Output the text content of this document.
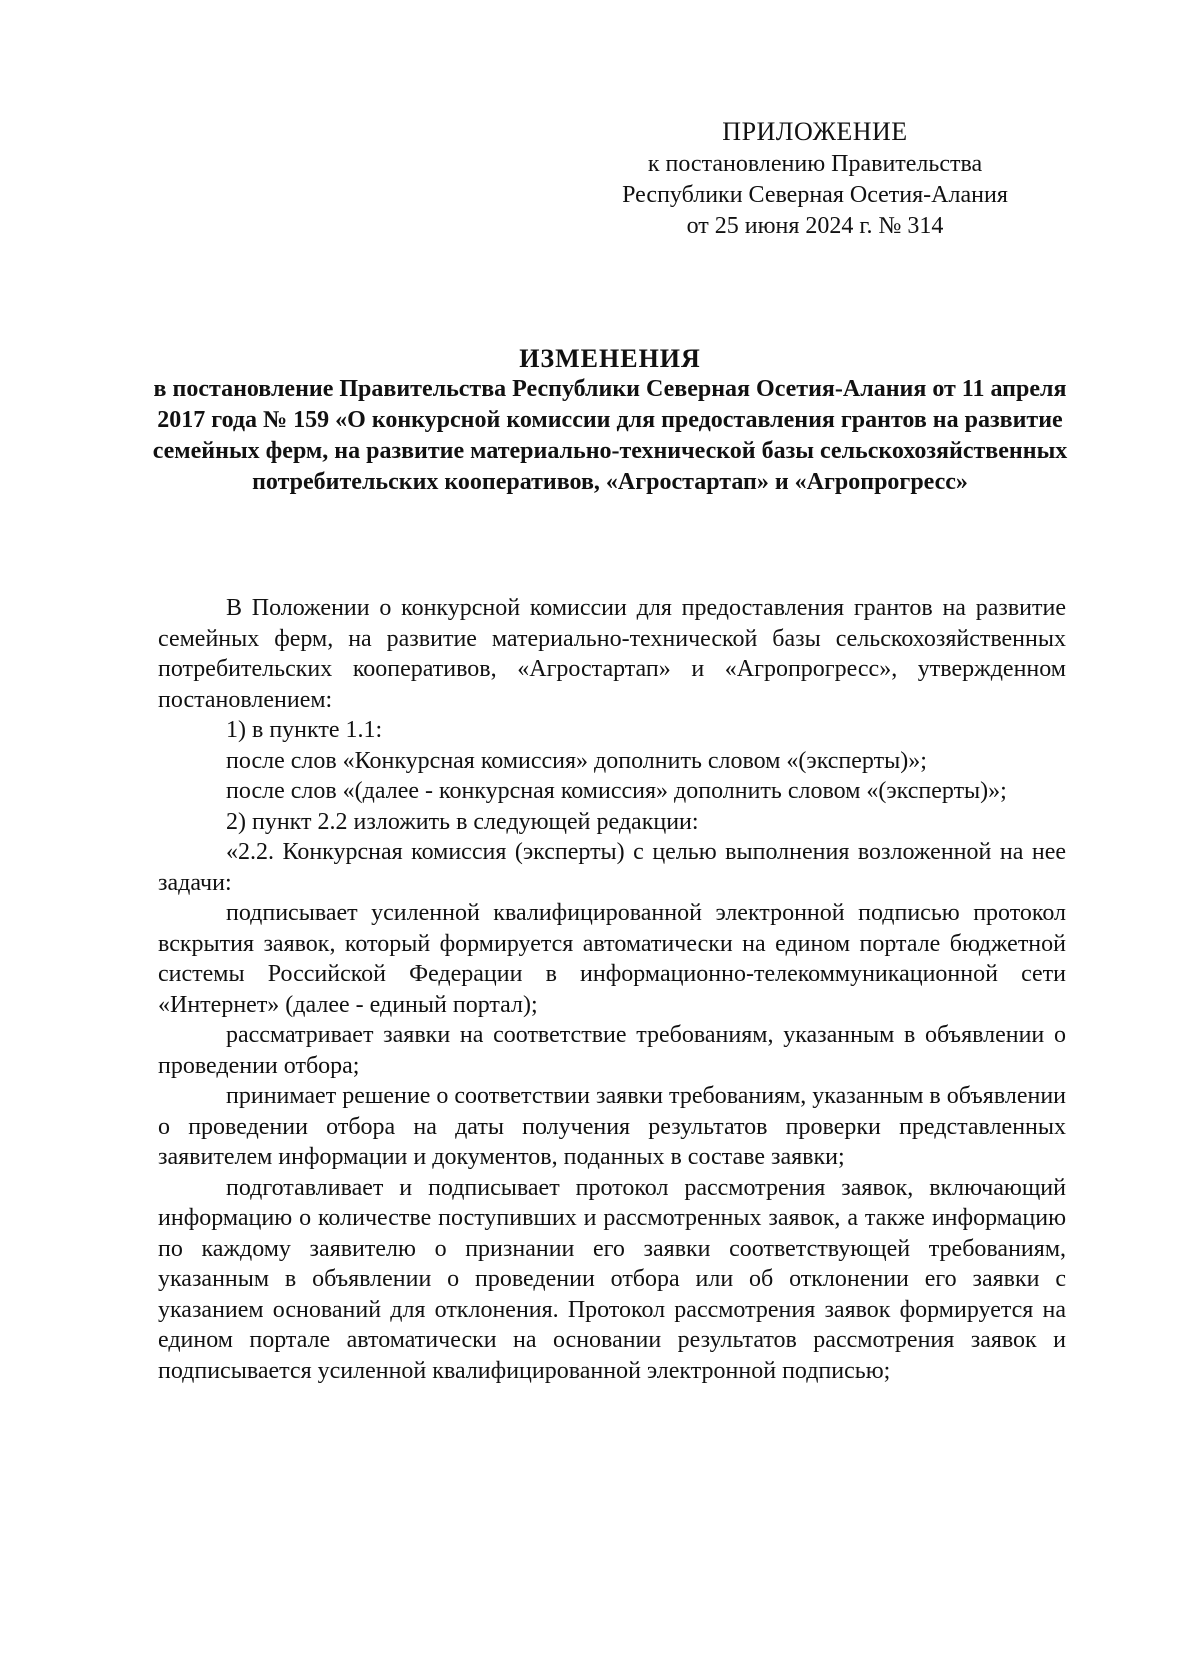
ПРИЛОЖЕНИЕ
к постановлению Правительства
Республики Северная Осетия-Алания
от 25 июня 2024 г. № 314
ИЗМЕНЕНИЯ
в постановление Правительства Республики Северная Осетия-Алания от 11 апреля 2017 года № 159 «О конкурсной комиссии для предоставления грантов на развитие семейных ферм, на развитие материально-технической базы сельскохозяйственных потребительских кооперативов, «Агростартап» и «Агропрогресс»

В Положении о конкурсной комиссии для предоставления грантов на развитие семейных ферм, на развитие материально-технической базы сельскохозяйственных потребительских кооперативов, «Агростартап» и «Агропрогресс», утвержденном постановлением:

1) в пункте 1.1:

после слов «Конкурсная комиссия» дополнить словом «(эксперты)»;

после слов «(далее - конкурсная комиссия» дополнить словом «(эксперты)»;

2) пункт 2.2 изложить в следующей редакции:

«2.2. Конкурсная комиссия (эксперты) с целью выполнения возложенной на нее задачи:

подписывает усиленной квалифицированной электронной подписью протокол вскрытия заявок, который формируется автоматически на едином портале бюджетной системы Российской Федерации в информационно-телекоммуникационной сети «Интернет» (далее - единый портал);

рассматривает заявки на соответствие требованиям, указанным в объявлении о проведении отбора;

принимает решение о соответствии заявки требованиям, указанным в объявлении о проведении отбора на даты получения результатов проверки представленных заявителем информации и документов, поданных в составе заявки;

подготавливает и подписывает протокол рассмотрения заявок, включающий информацию о количестве поступивших и рассмотренных заявок, а также информацию по каждому заявителю о признании его заявки соответствующей требованиям, указанным в объявлении о проведении отбора или об отклонении его заявки с указанием оснований для отклонения. Протокол рассмотрения заявок формируется на едином портале автоматически на основании результатов рассмотрения заявок и подписывается усиленной квалифицированной электронной подписью;
